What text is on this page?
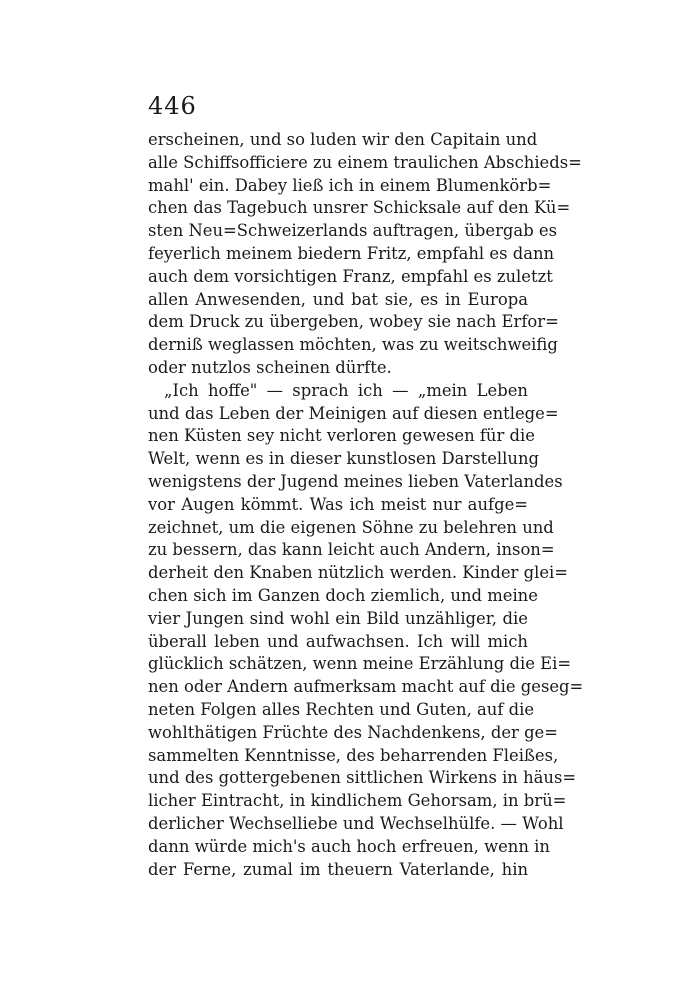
446
erscheinen, und so luden wir den Capitain und
alle Schiffsofficiere zu einem traulichen Abschieds=
mahl' ein. Dabey ließ ich in einem Blumenkörb=
chen das Tagebuch unsrer Schicksale auf den Kü=
sten Neu=Schweizerlands auftragen, übergab es
feyerlich meinem biedern Fritz, empfahl es dann
auch dem vorsichtigen Franz, empfahl es zuletzt
allen Anwesenden, und bat sie, es in Europa
dem Druck zu übergeben, wobey sie nach Erfor=
derniß weglassen möchten, was zu weitschweifig
oder nutzlos scheinen dürfte.
„Ich hoffe" — sprach ich — „mein Leben
und das Leben der Meinigen auf diesen entlege=
nen Küsten sey nicht verloren gewesen für die
Welt, wenn es in dieser kunstlosen Darstellung
wenigstens der Jugend meines lieben Vaterlandes
vor Augen kömmt. Was ich meist nur aufge=
zeichnet, um die eigenen Söhne zu belehren und
zu bessern, das kann leicht auch Andern, inson=
derheit den Knaben nützlich werden. Kinder glei=
chen sich im Ganzen doch ziemlich, und meine
vier Jungen sind wohl ein Bild unzähliger, die
überall leben und aufwachsen. Ich will mich
glücklich schätzen, wenn meine Erzählung die Ei=
nen oder Andern aufmerksam macht auf die geseg=
neten Folgen alles Rechten und Guten, auf die
wohlthätigen Früchte des Nachdenkens, der ge=
sammelten Kenntnisse, des beharrenden Fleißes,
und des gottergebenen sittlichen Wirkens in häus=
licher Eintracht, in kindlichem Gehorsam, in brü=
derlicher Wechselliebe und Wechselhülfe. — Wohl
dann würde mich's auch hoch erfreuen, wenn in
der Ferne, zumal im theuern Vaterlande, hin
